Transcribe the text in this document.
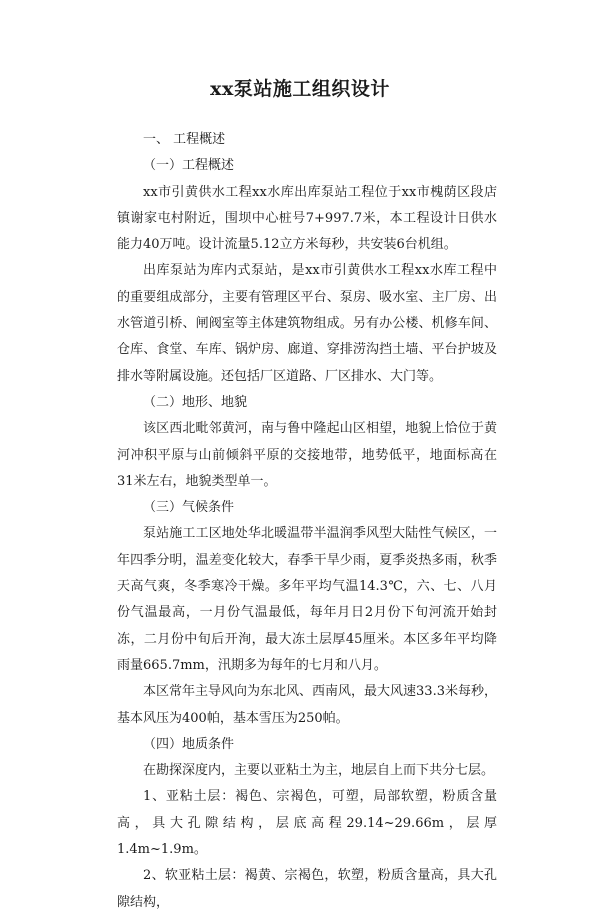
xx泵站施工组织设计

一、 工程概述

（一）工程概述

xx市引黄供水工程xx水库出库泵站工程位于xx市槐荫区段店镇谢家屯村附近，围坝中心桩号7+997.7米，本工程设计日供水能力40万吨。设计流量5.12立方米每秒，共安装6台机组。

出库泵站为库内式泵站，是xx市引黄供水工程xx水库工程中的重要组成部分，主要有管理区平台、泵房、吸水室、主厂房、出水管道引桥、闸阀室等主体建筑物组成。另有办公楼、机修车间、仓库、食堂、车库、锅炉房、廊道、穿排涝沟挡土墙、平台护坡及排水等附属设施。还包括厂区道路、厂区排水、大门等。

（二）地形、地貌

该区西北毗邻黄河，南与鲁中隆起山区相望，地貌上恰位于黄河冲积平原与山前倾斜平原的交接地带，地势低平，地面标高在31米左右，地貌类型单一。

（三）气候条件

泵站施工工区地处华北暖温带半温润季风型大陆性气候区，一年四季分明，温差变化较大，春季干旱少雨，夏季炎热多雨，秋季天高气爽，冬季寒冷干燥。多年平均气温14.3℃，六、七、八月份气温最高，一月份气温最低，每年月日2月份下旬河流开始封冻，二月份中旬后开洵，最大冻土层厚45厘米。本区多年平均降雨量665.7mm，汛期多为每年的七月和八月。

本区常年主导风向为东北风、西南风，最大风速33.3米每秒，基本风压为400帕，基本雪压为250帕。

（四）地质条件

在勘探深度内，主要以亚粘土为主，地层自上而下共分七层。

1、亚粘土层：褐色、宗褐色，可塑，局部软塑，粉质含量高，具大孔隙结构，层底高程29.14~29.66m，层厚1.4m~1.9m。

2、软亚粘土层：褐黄、宗褐色，软塑，粉质含量高，具大孔隙结构，
